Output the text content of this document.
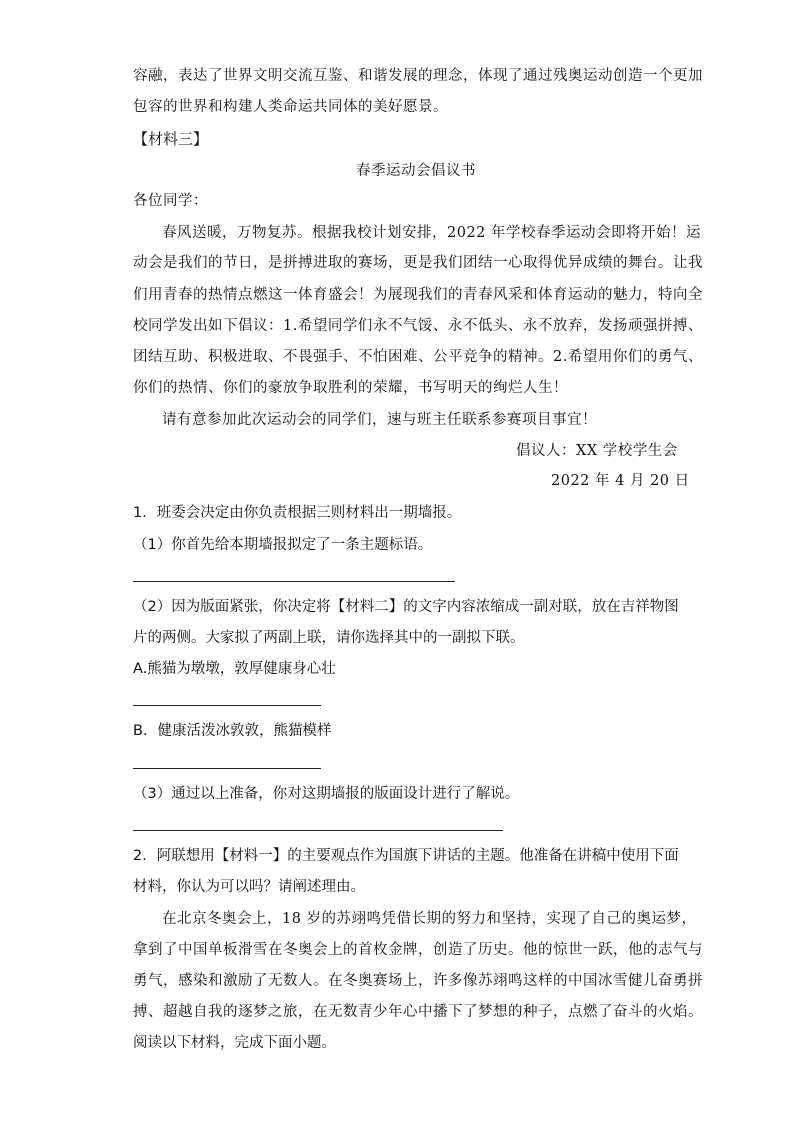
容融，表达了世界文明交流互鉴、和谐发展的理念，体现了通过残奥运动创造一个更加
包容的世界和构建人类命运共同体的美好愿景。
【材料三】
春季运动会倡议书
各位同学：
春风送暖，万物复苏。根据我校计划安排，2022 年学校春季运动会即将开始！运
动会是我们的节日，是拼搏进取的赛场，更是我们团结一心取得优异成绩的舞台。让我
们用青春的热情点燃这一体育盛会！为展现我们的青春风采和体育运动的魅力，特向全
校同学发出如下倡议：1.希望同学们永不气馁、永不低头、永不放弃，发扬顽强拼搏、
团结互助、积极进取、不畏强手、不怕困难、公平竞争的精神。2.希望用你们的勇气、
你们的热情、你们的豪放争取胜利的荣耀，书写明天的绚烂人生！
请有意参加此次运动会的同学们，速与班主任联系参赛项目事宜！
倡议人：XX 学校学生会
2022 年 4 月 20 日
1．班委会决定由你负责根据三则材料出一期墙报。
（1）你首先给本期墙报拟定了一条主题标语。
（2）因为版面紧张，你决定将【材料二】的文字内容浓缩成一副对联，放在吉祥物图
片的两侧。大家拟了两副上联，请你选择其中的一副拟下联。
A.熊猫为墩墩，敦厚健康身心壮
B．健康活泼冰敦敦，熊猫模样
（3）通过以上准备，你对这期墙报的版面设计进行了解说。
2．阿联想用【材料一】的主要观点作为国旗下讲话的主题。他准备在讲稿中使用下面
材料，你认为可以吗？请阐述理由。
在北京冬奥会上，18 岁的苏翊鸣凭借长期的努力和坚持，实现了自己的奥运梦，
拿到了中国单板滑雪在冬奥会上的首枚金牌，创造了历史。他的惊世一跃，他的志气与
勇气，感染和激励了无数人。在冬奥赛场上，许多像苏翊鸣这样的中国冰雪健儿奋勇拼
搏、超越自我的逐梦之旅，在无数青少年心中播下了梦想的种子，点燃了奋斗的火焰。
阅读以下材料，完成下面小题。
